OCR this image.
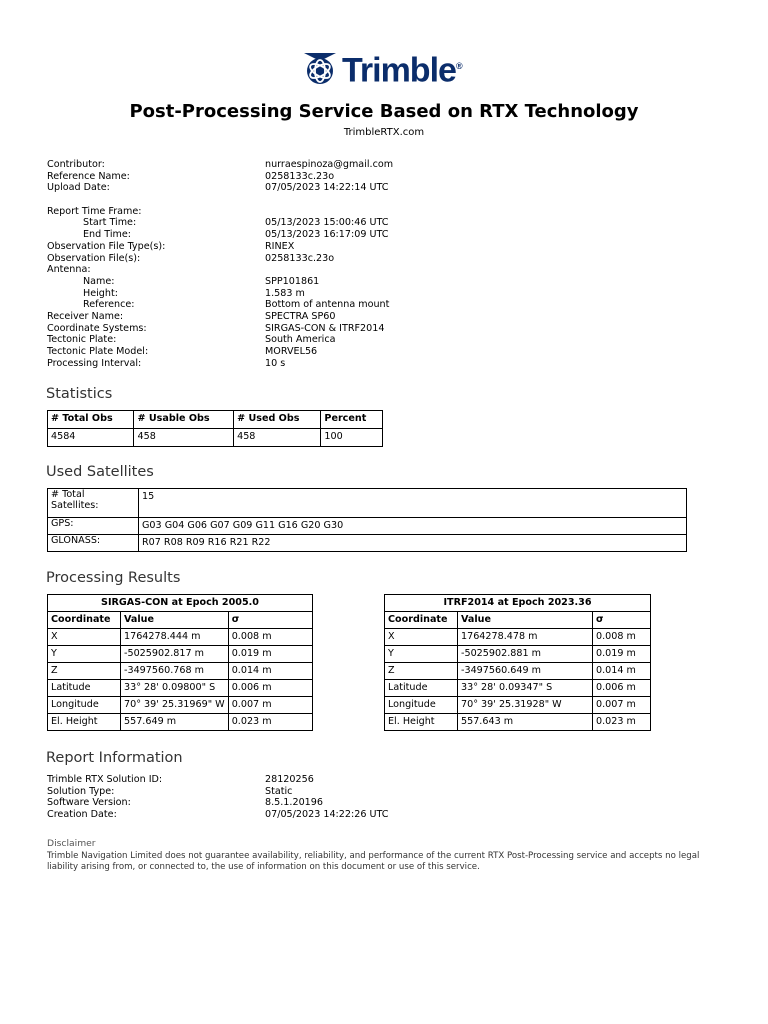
Trimble®
Post-Processing Service Based on RTX Technology
TrimbleRTX.com
Contributor:	nurraespinoza@gmail.com
Reference Name:	0258133c.23o
Upload Date:	07/05/2023 14:22:14 UTC
Report Time Frame:
Start Time:	05/13/2023 15:00:46 UTC
End Time:	05/13/2023 16:17:09 UTC
Observation File Type(s):	RINEX
Observation File(s):	0258133c.23o
Antenna:
Name:	SPP101861
Height:	1.583 m
Reference:	Bottom of antenna mount
Receiver Name:	SPECTRA SP60
Coordinate Systems:	SIRGAS-CON & ITRF2014
Tectonic Plate:	South America
Tectonic Plate Model:	MORVEL56
Processing Interval:	10 s
Statistics
# Total Obs	# Usable Obs	# Used Obs	Percent
4584	458	458	100
Used Satellites
# Total Satellites:	15
GPS:	G03 G04 G06 G07 G09 G11 G16 G20 G30
GLONASS:	R07 R08 R09 R16 R21 R22
Processing Results
SIRGAS-CON at Epoch 2005.0		
Coordinate	Value	σ
X	1764278.444 m	0.008 m
Y	-5025902.817 m	0.019 m
Z	-3497560.768 m	0.014 m
Latitude	33° 28' 0.09800" S	0.006 m
Longitude	70° 39' 25.31969" W	0.007 m
El. Height	557.649 m	0.023 m
ITRF2014 at Epoch 2023.36		
Coordinate	Value	σ
X	1764278.478 m	0.008 m
Y	-5025902.881 m	0.019 m
Z	-3497560.649 m	0.014 m
Latitude	33° 28' 0.09347" S	0.006 m
Longitude	70° 39' 25.31928" W	0.007 m
El. Height	557.643 m	0.023 m
Report Information
Trimble RTX Solution ID:	28120256
Solution Type:	Static
Software Version:	8.5.1.20196
Creation Date:	07/05/2023 14:22:26 UTC
Disclaimer
Trimble Navigation Limited does not guarantee availability, reliability, and performance of the current RTX Post-Processing service and accepts no legal liability arising from, or connected to, the use of information on this document or use of this service.
